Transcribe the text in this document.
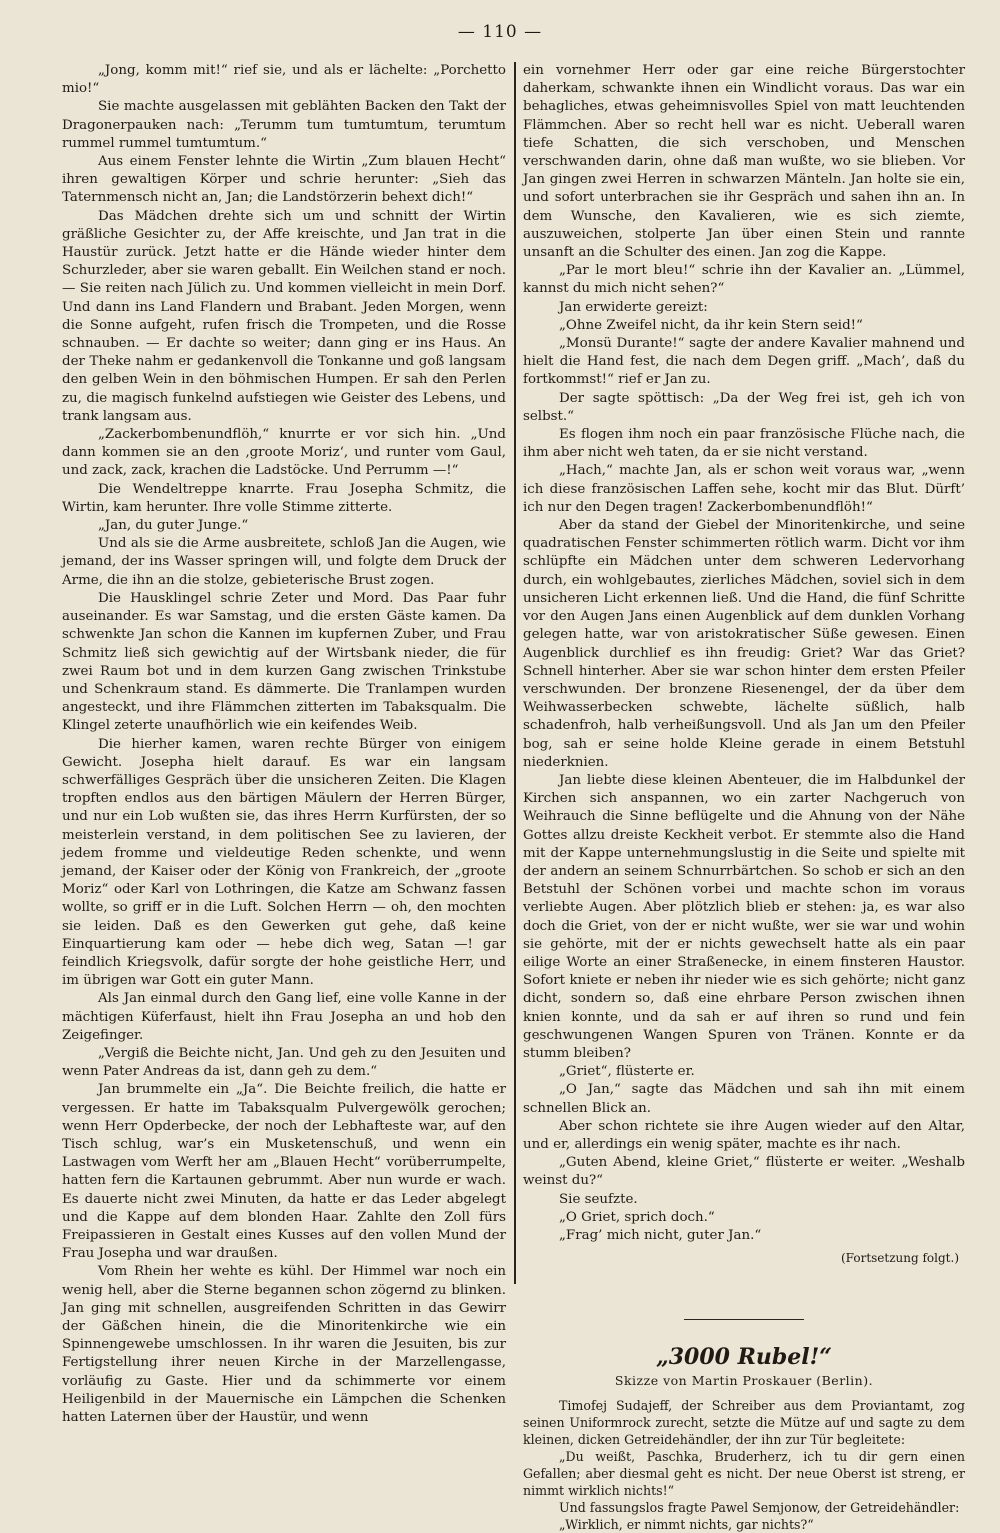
— 110 —

„Jong, komm mit!“ rief sie, und als er lächelte: „Porchetto mio!“

Sie machte ausgelassen mit geblähten Backen den Takt der Dragonerpauken nach: „Terumm tum tumtumtum, terumtum rummel rummel tumtumtum.“

Aus einem Fenster lehnte die Wirtin „Zum blauen Hecht“ ihren gewaltigen Körper und schrie herunter: „Sieh das Taternmensch nicht an, Jan; die Landstörzerin behext dich!“

Das Mädchen drehte sich um und schnitt der Wirtin gräßliche Gesichter zu, der Affe kreischte, und Jan trat in die Haustür zurück. Jetzt hatte er die Hände wieder hinter dem Schurzleder, aber sie waren geballt. Ein Weilchen stand er noch. — Sie reiten nach Jülich zu. Und kommen vielleicht in mein Dorf. Und dann ins Land Flandern und Brabant. Jeden Morgen, wenn die Sonne aufgeht, rufen frisch die Trompeten, und die Rosse schnauben. — Er dachte so weiter; dann ging er ins Haus. An der Theke nahm er gedankenvoll die Tonkanne und goß langsam den gelben Wein in den böhmischen Humpen. Er sah den Perlen zu, die magisch funkelnd aufstiegen wie Geister des Lebens, und trank langsam aus.

„Zackerbombenundflöh,“ knurrte er vor sich hin. „Und dann kommen sie an den ‚groote Moriz‘, und runter vom Gaul, und zack, zack, krachen die Ladstöcke. Und Perrumm —!“

Die Wendeltreppe knarrte. Frau Josepha Schmitz, die Wirtin, kam herunter. Ihre volle Stimme zitterte.

„Jan, du guter Junge.“

Und als sie die Arme ausbreitete, schloß Jan die Augen, wie jemand, der ins Wasser springen will, und folgte dem Druck der Arme, die ihn an die stolze, gebieterische Brust zogen.

Die Hausklingel schrie Zeter und Mord. Das Paar fuhr auseinander. Es war Samstag, und die ersten Gäste kamen. Da schwenkte Jan schon die Kannen im kupfernen Zuber, und Frau Schmitz ließ sich gewichtig auf der Wirtsbank nieder, die für zwei Raum bot und in dem kurzen Gang zwischen Trinkstube und Schenkraum stand. Es dämmerte. Die Tranlampen wurden angesteckt, und ihre Flämmchen zitterten im Tabaksqualm. Die Klingel zeterte unaufhörlich wie ein keifendes Weib.

Die hierher kamen, waren rechte Bürger von einigem Gewicht. Josepha hielt darauf. Es war ein langsam schwerfälliges Gespräch über die unsicheren Zeiten. Die Klagen tropften endlos aus den bärtigen Mäulern der Herren Bürger, und nur ein Lob wußten sie, das ihres Herrn Kurfürsten, der so meisterlein verstand, in dem politischen See zu lavieren, der jedem fromme und vieldeutige Reden schenkte, und wenn jemand, der Kaiser oder der König von Frankreich, der „groote Moriz“ oder Karl von Lothringen, die Katze am Schwanz fassen wollte, so griff er in die Luft. Solchen Herrn — oh, den mochten sie leiden. Daß es den Gewerken gut gehe, daß keine Einquartierung kam oder — hebe dich weg, Satan —! gar feindlich Kriegsvolk, dafür sorgte der hohe geistliche Herr, und im übrigen war Gott ein guter Mann.

Als Jan einmal durch den Gang lief, eine volle Kanne in der mächtigen Küferfaust, hielt ihn Frau Josepha an und hob den Zeigefinger.

„Vergiß die Beichte nicht, Jan. Und geh zu den Jesuiten und wenn Pater Andreas da ist, dann geh zu dem.“

Jan brummelte ein „Ja“. Die Beichte freilich, die hatte er vergessen. Er hatte im Tabaksqualm Pulvergewölk gerochen; wenn Herr Opderbecke, der noch der Lebhafteste war, auf den Tisch schlug, war’s ein Musketenschuß, und wenn ein Lastwagen vom Werft her am „Blauen Hecht“ vorüberrumpelte, hatten fern die Kartaunen gebrummt. Aber nun wurde er wach. Es dauerte nicht zwei Minuten, da hatte er das Leder abgelegt und die Kappe auf dem blonden Haar. Zahlte den Zoll fürs Freipassieren in Gestalt eines Kusses auf den vollen Mund der Frau Josepha und war draußen.

Vom Rhein her wehte es kühl. Der Himmel war noch ein wenig hell, aber die Sterne begannen schon zögernd zu blinken. Jan ging mit schnellen, ausgreifenden Schritten in das Gewirr der Gäßchen hinein, die die Minoritenkirche wie ein Spinnengewebe umschlossen. In ihr waren die Jesuiten, bis zur Fertigstellung ihrer neuen Kirche in der Marzellengasse, vorläufig zu Gaste. Hier und da schimmerte vor einem Heiligenbild in der Mauernische ein Lämpchen die Schenken hatten Laternen über der Haustür, und wenn

ein vornehmer Herr oder gar eine reiche Bürgerstochter daherkam, schwankte ihnen ein Windlicht voraus. Das war ein behagliches, etwas geheimnisvolles Spiel von matt leuchtenden Flämmchen. Aber so recht hell war es nicht. Ueberall waren tiefe Schatten, die sich verschoben, und Menschen verschwanden darin, ohne daß man wußte, wo sie blieben. Vor Jan gingen zwei Herren in schwarzen Mänteln. Jan holte sie ein, und sofort unterbrachen sie ihr Gespräch und sahen ihn an. In dem Wunsche, den Kavalieren, wie es sich ziemte, auszuweichen, stolperte Jan über einen Stein und rannte unsanft an die Schulter des einen. Jan zog die Kappe.

„Par le mort bleu!“ schrie ihn der Kavalier an. „Lümmel, kannst du mich nicht sehen?“

Jan erwiderte gereizt:

„Ohne Zweifel nicht, da ihr kein Stern seid!“

„Monsü Durante!“ sagte der andere Kavalier mahnend und hielt die Hand fest, die nach dem Degen griff. „Mach’, daß du fortkommst!“ rief er Jan zu.

Der sagte spöttisch: „Da der Weg frei ist, geh ich von selbst.“

Es flogen ihm noch ein paar französische Flüche nach, die ihm aber nicht weh taten, da er sie nicht verstand.

„Hach,“ machte Jan, als er schon weit voraus war, „wenn ich diese französischen Laffen sehe, kocht mir das Blut. Dürft’ ich nur den Degen tragen! Zackerbombenundflöh!“

Aber da stand der Giebel der Minoritenkirche, und seine quadratischen Fenster schimmerten rötlich warm. Dicht vor ihm schlüpfte ein Mädchen unter dem schweren Ledervorhang durch, ein wohlgebautes, zierliches Mädchen, soviel sich in dem unsicheren Licht erkennen ließ. Und die Hand, die fünf Schritte vor den Augen Jans einen Augenblick auf dem dunklen Vorhang gelegen hatte, war von aristokratischer Süße gewesen. Einen Augenblick durchlief es ihn freudig: Griet? War das Griet? Schnell hinterher. Aber sie war schon hinter dem ersten Pfeiler verschwunden. Der bronzene Riesenengel, der da über dem Weihwasserbecken schwebte, lächelte süßlich, halb schadenfroh, halb verheißungsvoll. Und als Jan um den Pfeiler bog, sah er seine holde Kleine gerade in einem Betstuhl niederknien.

Jan liebte diese kleinen Abenteuer, die im Halbdunkel der Kirchen sich anspannen, wo ein zarter Nachgeruch von Weihrauch die Sinne beflügelte und die Ahnung von der Nähe Gottes allzu dreiste Keckheit verbot. Er stemmte also die Hand mit der Kappe unternehmungslustig in die Seite und spielte mit der andern an seinem Schnurrbärtchen. So schob er sich an den Betstuhl der Schönen vorbei und machte schon im voraus verliebte Augen. Aber plötzlich blieb er stehen: ja, es war also doch die Griet, von der er nicht wußte, wer sie war und wohin sie gehörte, mit der er nichts gewechselt hatte als ein paar eilige Worte an einer Straßenecke, in einem finsteren Haustor. Sofort kniete er neben ihr nieder wie es sich gehörte; nicht ganz dicht, sondern so, daß eine ehrbare Person zwischen ihnen knien konnte, und da sah er auf ihren so rund und fein geschwungenen Wangen Spuren von Tränen. Konnte er da stumm bleiben?

„Griet“, flüsterte er.

„O Jan,“ sagte das Mädchen und sah ihn mit einem schnellen Blick an.

Aber schon richtete sie ihre Augen wieder auf den Altar, und er, allerdings ein wenig später, machte es ihr nach.

„Guten Abend, kleine Griet,“ flüsterte er weiter. „Weshalb weinst du?“

Sie seufzte.

„O Griet, sprich doch.“

„Frag’ mich nicht, guter Jan.“

(Fortsetzung folgt.)

„3000 Rubel!“

Skizze von Martin Proskauer (Berlin).

Timofej Sudajeff, der Schreiber aus dem Proviantamt, zog seinen Uniformrock zurecht, setzte die Mütze auf und sagte zu dem kleinen, dicken Getreidehändler, der ihn zur Tür begleitete:

„Du weißt, Paschka, Bruderherz, ich tu dir gern einen Gefallen; aber diesmal geht es nicht. Der neue Oberst ist streng, er nimmt wirklich nichts!“

Und fassungslos fragte Pawel Semjonow, der Getreidehändler:

„Wirklich, er nimmt nichts, gar nichts?“
